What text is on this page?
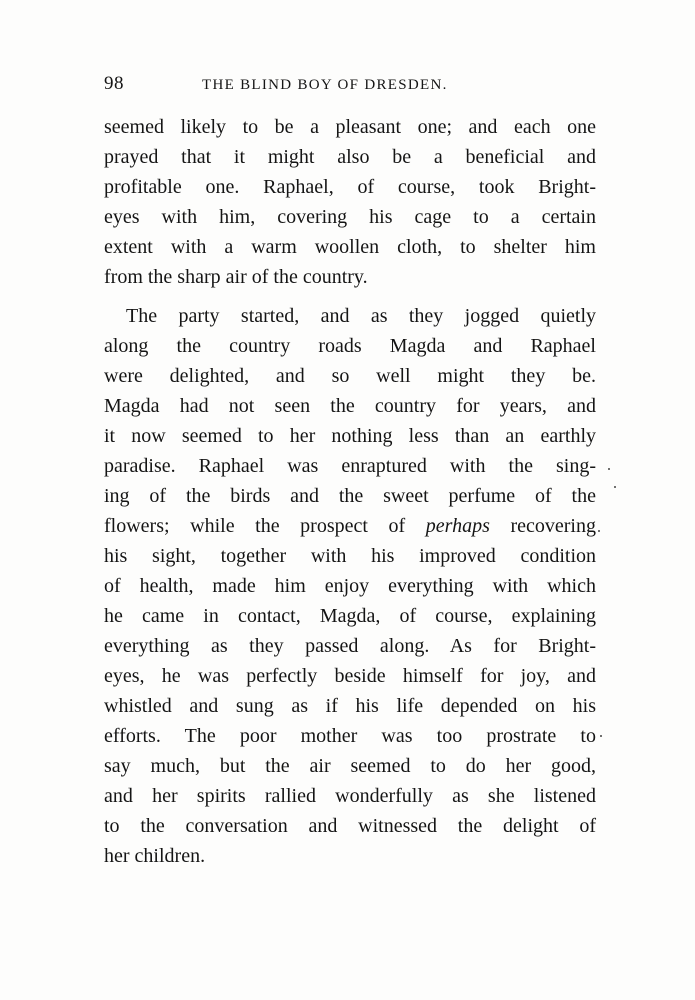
98	THE BLIND BOY OF DRESDEN.
seemed likely to be a pleasant one; and each one
prayed that it might also be a beneficial and
profitable one. Raphael, of course, took Bright-
eyes with him, covering his cage to a certain
extent with a warm woollen cloth, to shelter him
from the sharp air of the country.
The party started, and as they jogged quietly
along the country roads Magda and Raphael
were delighted, and so well might they be.
Magda had not seen the country for years, and
it now seemed to her nothing less than an earthly
paradise. Raphael was enraptured with the sing-
ing of the birds and the sweet perfume of the
flowers; while the prospect of perhaps recovering
his sight, together with his improved condition
of health, made him enjoy everything with which
he came in contact, Magda, of course, explaining
everything as they passed along. As for Bright-
eyes, he was perfectly beside himself for joy, and
whistled and sung as if his life depended on his
efforts. The poor mother was too prostrate to
say much, but the air seemed to do her good,
and her spirits rallied wonderfully as she listened
to the conversation and witnessed the delight of
her children.
